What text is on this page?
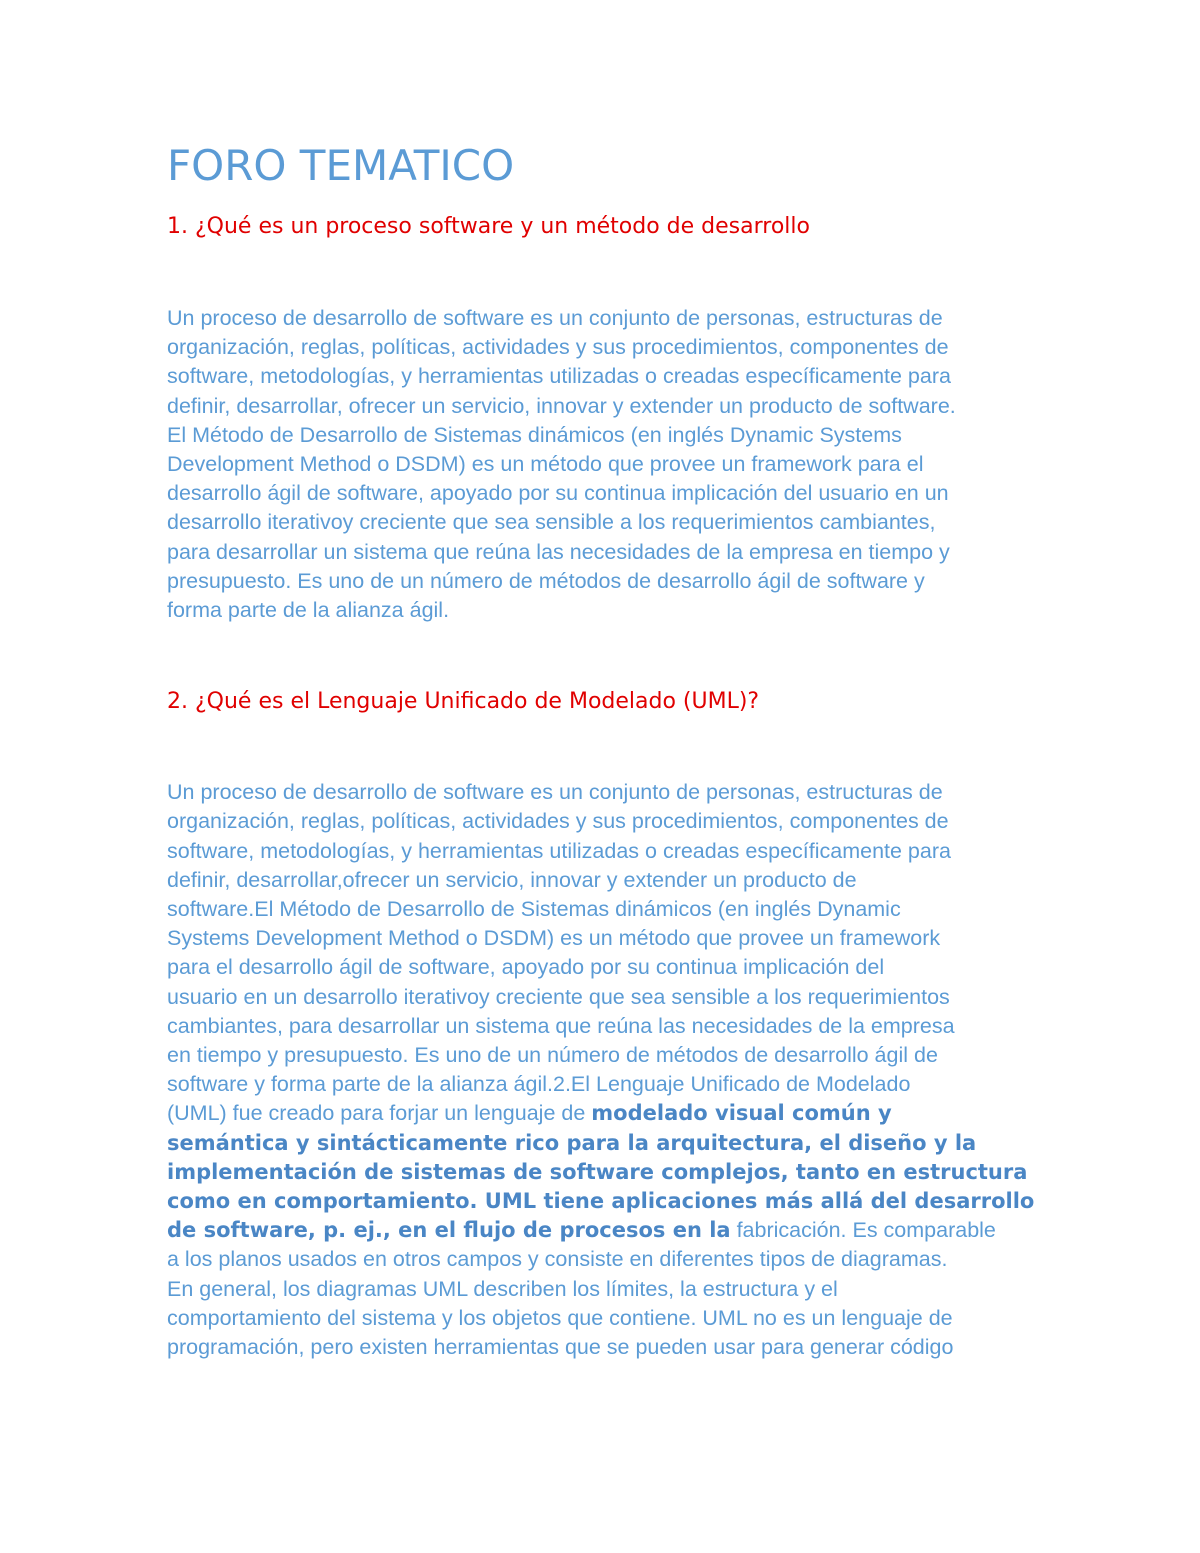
FORO TEMATICO

1. ¿Qué es un proceso software y un método de desarrollo

Un proceso de desarrollo de software es un conjunto de personas, estructuras de
organización, reglas, políticas, actividades y sus procedimientos, componentes de
software, metodologías, y herramientas utilizadas o creadas específicamente para
definir, desarrollar, ofrecer un servicio, innovar y extender un producto de software.
El Método de Desarrollo de Sistemas dinámicos (en inglés Dynamic Systems
Development Method o DSDM) es un método que provee un framework para el
desarrollo ágil de software, apoyado por su continua implicación del usuario en un
desarrollo iterativoy creciente que sea sensible a los requerimientos cambiantes,
para desarrollar un sistema que reúna las necesidades de la empresa en tiempo y
presupuesto. Es uno de un número de métodos de desarrollo ágil de software y
forma parte de la alianza ágil.

2. ¿Qué es el Lenguaje Unificado de Modelado (UML)?

Un proceso de desarrollo de software es un conjunto de personas, estructuras de
organización, reglas, políticas, actividades y sus procedimientos, componentes de
software, metodologías, y herramientas utilizadas o creadas específicamente para
definir, desarrollar,ofrecer un servicio, innovar y extender un producto de
software.El Método de Desarrollo de Sistemas dinámicos (en inglés Dynamic
Systems Development Method o DSDM) es un método que provee un framework
para el desarrollo ágil de software, apoyado por su continua implicación del
usuario en un desarrollo iterativoy creciente que sea sensible a los requerimientos
cambiantes, para desarrollar un sistema que reúna las necesidades de la empresa
en tiempo y presupuesto. Es uno de un número de métodos de desarrollo ágil de
software y forma parte de la alianza ágil.2.El Lenguaje Unificado de Modelado
(UML) fue creado para forjar un lenguaje de modelado visual común y
semántica y sintácticamente rico para la arquitectura, el diseño y la
implementación de sistemas de software complejos, tanto en estructura
como en comportamiento. UML tiene aplicaciones más allá del desarrollo
de software, p. ej., en el flujo de procesos en la fabricación. Es comparable
a los planos usados en otros campos y consiste en diferentes tipos de diagramas.
En general, los diagramas UML describen los límites, la estructura y el
comportamiento del sistema y los objetos que contiene. UML no es un lenguaje de
programación, pero existen herramientas que se pueden usar para generar código
